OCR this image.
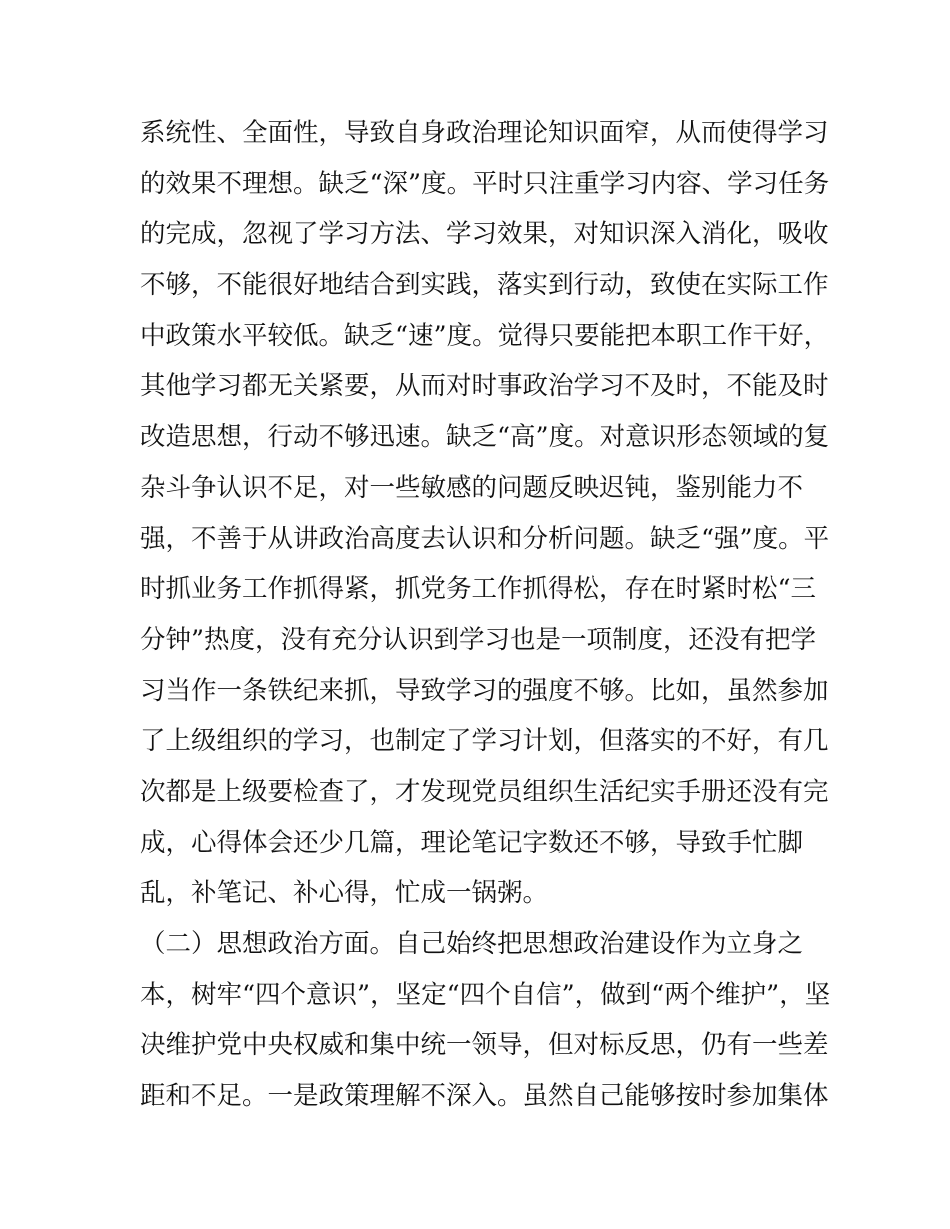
系统性、全面性，导致自身政治理论知识面窄，从而使得学习
的效果不理想。缺乏“深”度。平时只注重学习内容、学习任务
的完成，忽视了学习方法、学习效果，对知识深入消化，吸收
不够，不能很好地结合到实践，落实到行动，致使在实际工作
中政策水平较低。缺乏“速”度。觉得只要能把本职工作干好，
其他学习都无关紧要，从而对时事政治学习不及时，不能及时
改造思想，行动不够迅速。缺乏“高”度。对意识形态领域的复
杂斗争认识不足，对一些敏感的问题反映迟钝，鉴别能力不
强，不善于从讲政治高度去认识和分析问题。缺乏“强”度。平
时抓业务工作抓得紧，抓党务工作抓得松，存在时紧时松“三
分钟”热度，没有充分认识到学习也是一项制度，还没有把学
习当作一条铁纪来抓，导致学习的强度不够。比如，虽然参加
了上级组织的学习，也制定了学习计划，但落实的不好，有几
次都是上级要检查了，才发现党员组织生活纪实手册还没有完
成，心得体会还少几篇，理论笔记字数还不够，导致手忙脚
乱，补笔记、补心得，忙成一锅粥。
（二）思想政治方面。自己始终把思想政治建设作为立身之
本，树牢“四个意识”，坚定“四个自信”，做到“两个维护”，坚
决维护党中央权威和集中统一领导，但对标反思，仍有一些差
距和不足。一是政策理解不深入。虽然自己能够按时参加集体
